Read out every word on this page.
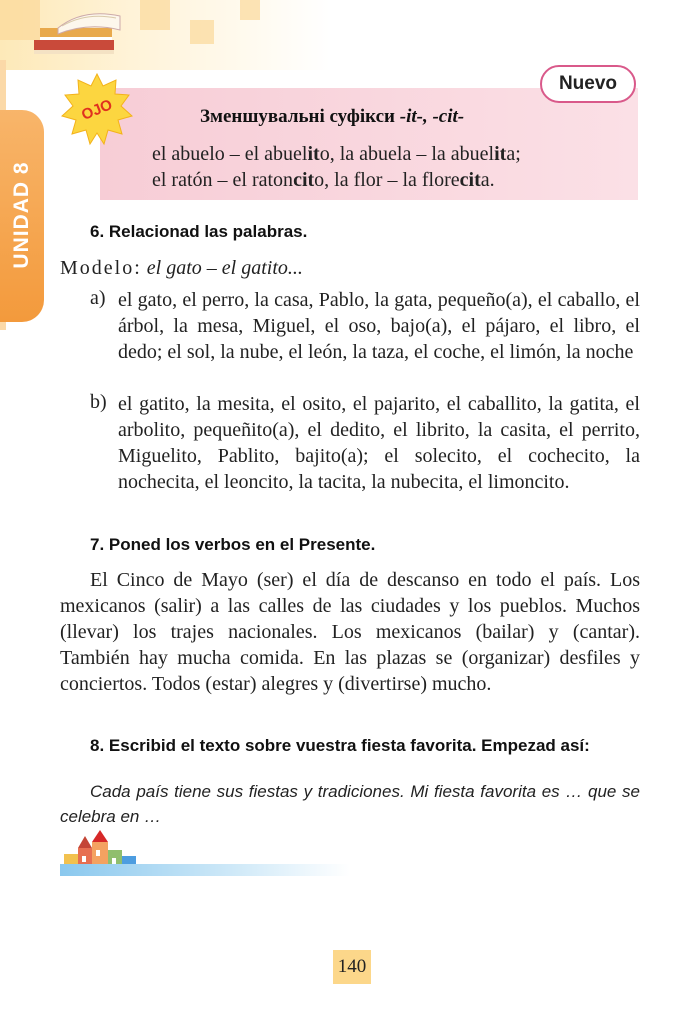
UNIDAD 8
OJO
Nuevo
Зменшувальні суфікси -it-, -cit-
el abuelo – el abuelito, la abuela – la abuelita;
el ratón – el ratoncito, la flor – la florecita.
6. Relacionad las palabras.
Modelo: el gato – el gatito...
a) el gato, el perro, la casa, Pablo, la gata, pequeño(a), el caballo, el árbol, la mesa, Miguel, el oso, bajo(a), el pájaro, el libro, el dedo; el sol, la nube, el león, la taza, el coche, el limón, la noche
b) el gatito, la mesita, el osito, el pajarito, el caballito, la gatita, el arbolito, pequeñito(a), el dedito, el librito, la casita, el perrito, Miguelito, Pablito, bajito(a); el solecito, el cochecito, la nochecita, el leoncito, la tacita, la nubecita, el limoncito.
7. Poned los verbos en el Presente.
El Cinco de Mayo (ser) el día de descanso en todo el país. Los mexicanos (salir) a las calles de las ciudades y los pueblos. Muchos (llevar) los trajes nacionales. Los mexicanos (bailar) y (cantar). También hay mucha comida. En las plazas se (organizar) desfiles y conciertos. Todos (estar) alegres y (divertirse) mucho.
8. Escribid el texto sobre vuestra fiesta favorita. Empezad así:
Cada país tiene sus fiestas y tradiciones. Mi fiesta favorita es … que se celebra en …
140
